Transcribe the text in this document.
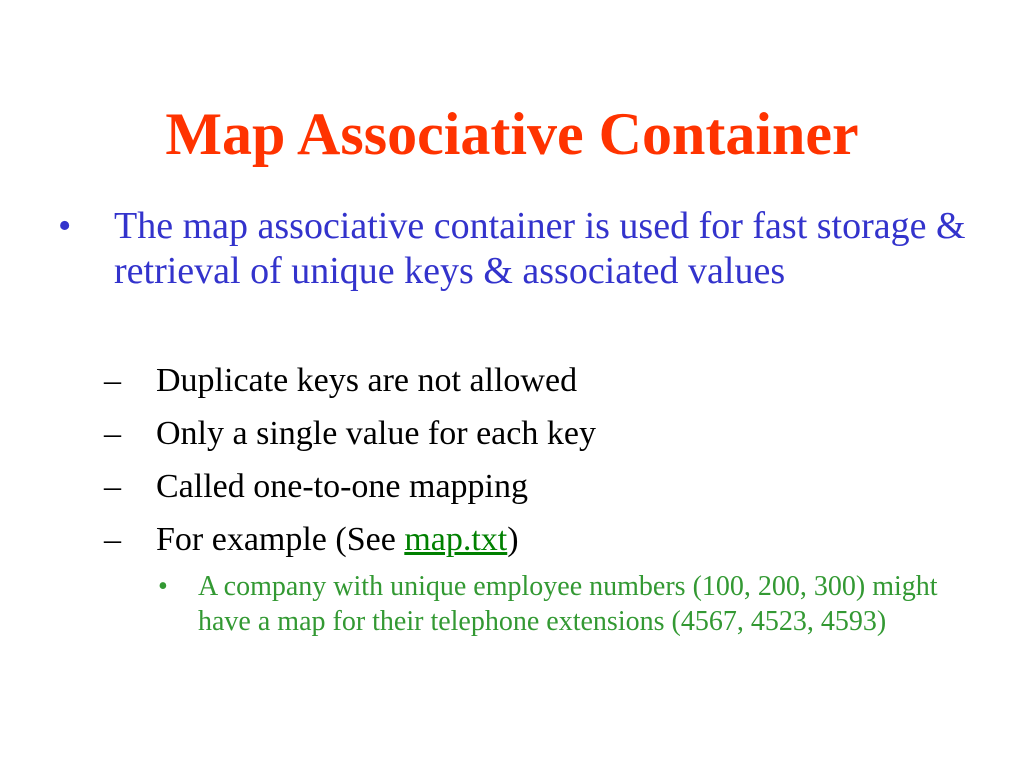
Map Associative Container
• The map associative container is used for fast storage & retrieval of unique keys & associated values
– Duplicate keys are not allowed
– Only a single value for each key
– Called one-to-one mapping
– For example (See map.txt)
• A company with unique employee numbers (100, 200, 300) might have a map for their telephone extensions (4567, 4523, 4593)
